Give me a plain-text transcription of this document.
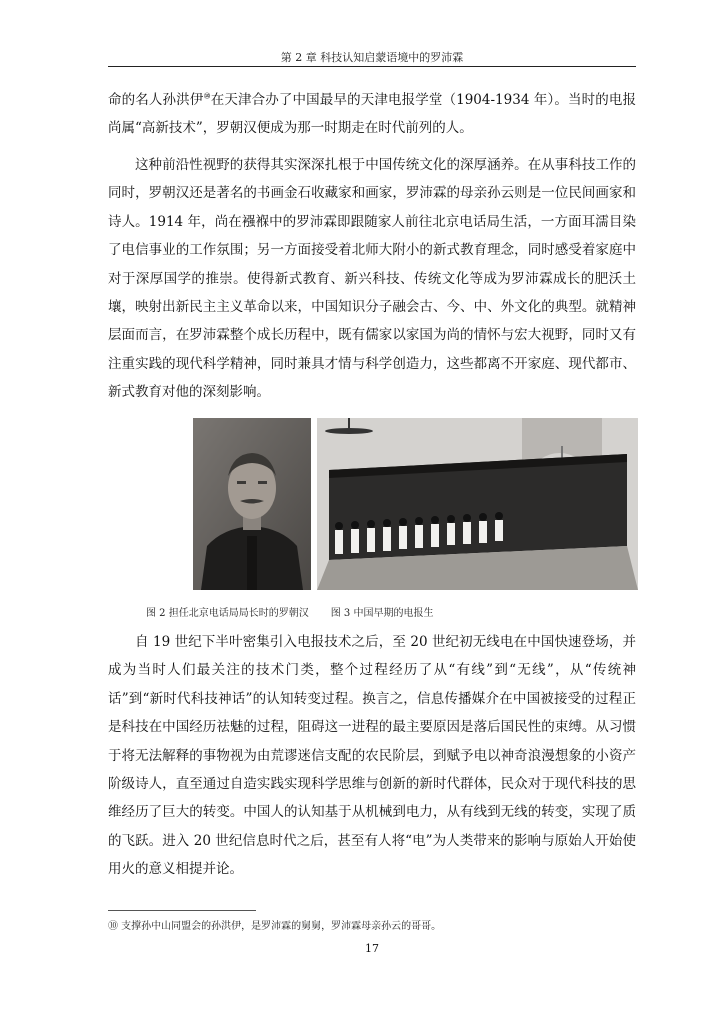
第 2 章 科技认知启蒙语境中的罗沛霖

命的名人孙洪伊⑩在天津合办了中国最早的天津电报学堂（1904-1934 年）。当时的电报尚属“高新技术”，罗朝汉便成为那一时期走在时代前列的人。

这种前沿性视野的获得其实深深扎根于中国传统文化的深厚涵养。在从事科技工作的同时，罗朝汉还是著名的书画金石收藏家和画家，罗沛霖的母亲孙云则是一位民间画家和诗人。1914 年，尚在襁褓中的罗沛霖即跟随家人前往北京电话局生活，一方面耳濡目染了电信事业的工作氛围；另一方面接受着北师大附小的新式教育理念，同时感受着家庭中对于深厚国学的推崇。使得新式教育、新兴科技、传统文化等成为罗沛霖成长的肥沃土壤，映射出新民主主义革命以来，中国知识分子融会古、今、中、外文化的典型。就精神层面而言，在罗沛霖整个成长历程中，既有儒家以家国为尚的情怀与宏大视野，同时又有注重实践的现代科学精神，同时兼具才情与科学创造力，这些都离不开家庭、现代都市、新式教育对他的深刻影响。

图 2 担任北京电话局局长时的罗朝汉 图 3 中国早期的电报生

自 19 世纪下半叶密集引入电报技术之后，至 20 世纪初无线电在中国快速登场，并成为当时人们最关注的技术门类，整个过程经历了从“有线”到“无线”，从“传统神话”到“新时代科技神话”的认知转变过程。换言之，信息传播媒介在中国被接受的过程正是科技在中国经历祛魅的过程，阻碍这一进程的最主要原因是落后国民性的束缚。从习惯于将无法解释的事物视为由荒谬迷信支配的农民阶层，到赋予电以神奇浪漫想象的小资产阶级诗人，直至通过自造实践实现科学思维与创新的新时代群体，民众对于现代科技的思维经历了巨大的转变。中国人的认知基于从机械到电力，从有线到无线的转变，实现了质的飞跃。进入 20 世纪信息时代之后，甚至有人将“电”为人类带来的影响与原始人开始使用火的意义相提并论。

⑩ 支撑孙中山同盟会的孙洪伊，是罗沛霖的舅舅，罗沛霖母亲孙云的哥哥。
17
